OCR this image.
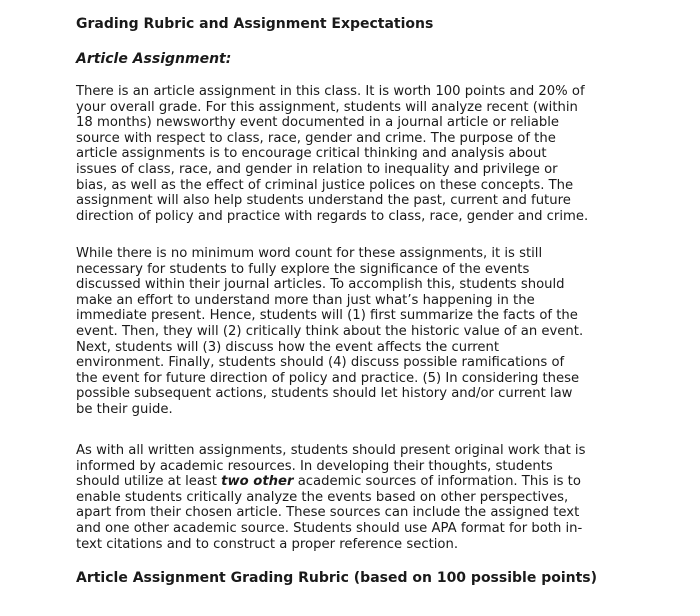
Grading Rubric and Assignment Expectations

Article Assignment:

There is an article assignment in this class. It is worth 100 points and 20% of
your overall grade. For this assignment, students will analyze recent (within
18 months) newsworthy event documented in a journal article or reliable
source with respect to class, race, gender and crime. The purpose of the
article assignments is to encourage critical thinking and analysis about
issues of class, race, and gender in relation to inequality and privilege or
bias, as well as the effect of criminal justice polices on these concepts. The
assignment will also help students understand the past, current and future
direction of policy and practice with regards to class, race, gender and crime.

While there is no minimum word count for these assignments, it is still
necessary for students to fully explore the significance of the events
discussed within their journal articles. To accomplish this, students should
make an effort to understand more than just what’s happening in the
immediate present. Hence, students will (1) first summarize the facts of the
event. Then, they will (2) critically think about the historic value of an event.
Next, students will (3) discuss how the event affects the current
environment. Finally, students should (4) discuss possible ramifications of
the event for future direction of policy and practice. (5) In considering these
possible subsequent actions, students should let history and/or current law
be their guide.

As with all written assignments, students should present original work that is
informed by academic resources. In developing their thoughts, students
should utilize at least two other academic sources of information. This is to
enable students critically analyze the events based on other perspectives,
apart from their chosen article. These sources can include the assigned text
and one other academic source. Students should use APA format for both in-
text citations and to construct a proper reference section.

Article Assignment Grading Rubric (based on 100 possible points)
